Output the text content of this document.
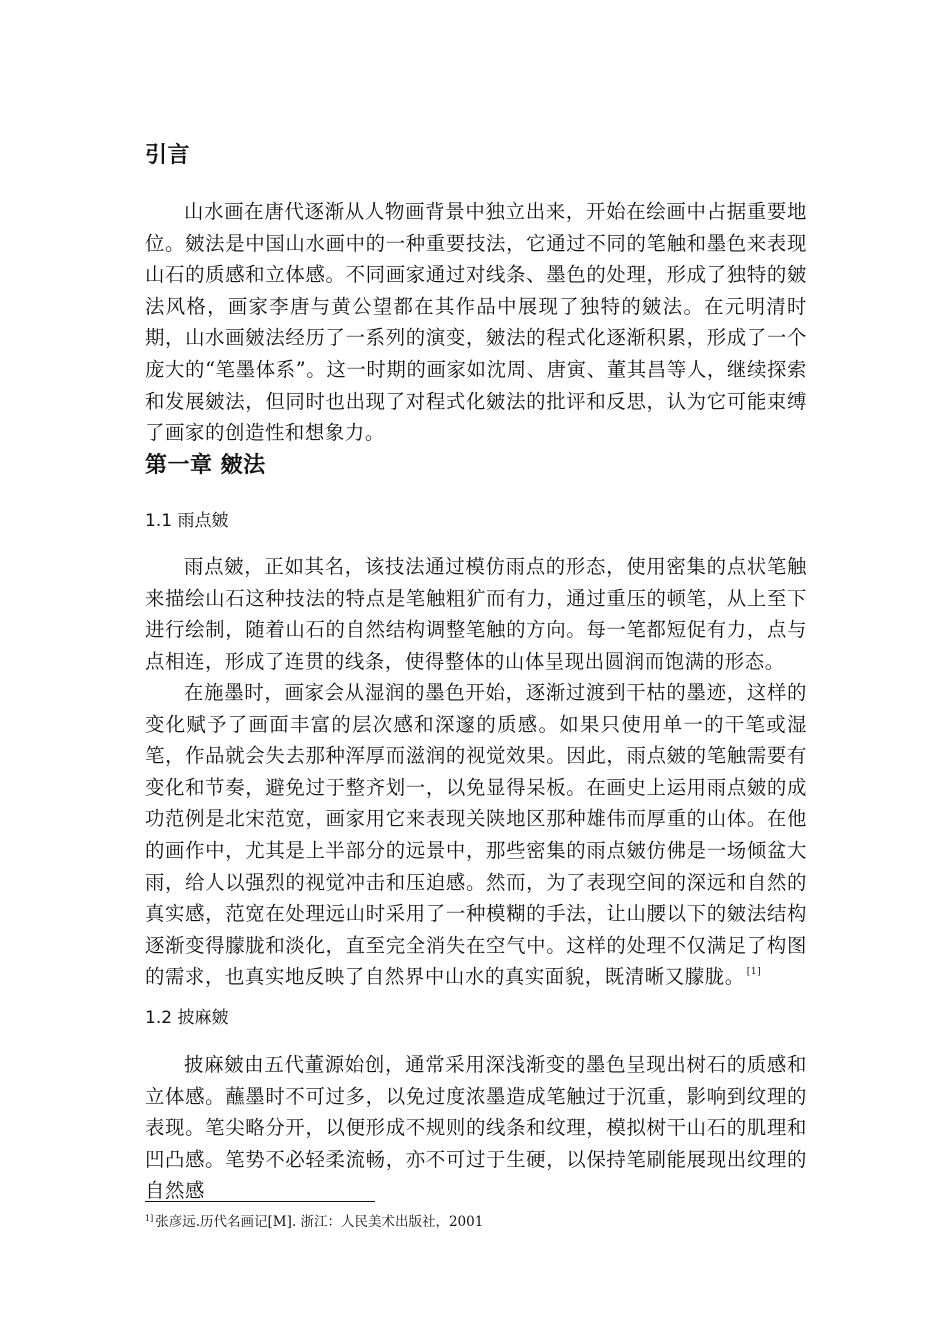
引言
山水画在唐代逐渐从人物画背景中独立出来，开始在绘画中占据重要地位。皴法是中国山水画中的一种重要技法，它通过不同的笔触和墨色来表现山石的质感和立体感。不同画家通过对线条、墨色的处理，形成了独特的皴法风格，画家李唐与黄公望都在其作品中展现了独特的皴法。在元明清时期，山水画皴法经历了一系列的演变，皴法的程式化逐渐积累，形成了一个庞大的“笔墨体系”。这一时期的画家如沈周、唐寅、董其昌等人，继续探索和发展皴法，但同时也出现了对程式化皴法的批评和反思，认为它可能束缚了画家的创造性和想象力。
第一章 皴法
1.1 雨点皴
雨点皴，正如其名，该技法通过模仿雨点的形态，使用密集的点状笔触来描绘山石这种技法的特点是笔触粗犷而有力，通过重压的顿笔，从上至下进行绘制，随着山石的自然结构调整笔触的方向。每一笔都短促有力，点与点相连，形成了连贯的线条，使得整体的山体呈现出圆润而饱满的形态。
在施墨时，画家会从湿润的墨色开始，逐渐过渡到干枯的墨迹，这样的变化赋予了画面丰富的层次感和深邃的质感。如果只使用单一的干笔或湿笔，作品就会失去那种浑厚而滋润的视觉效果。因此，雨点皴的笔触需要有变化和节奏，避免过于整齐划一，以免显得呆板。在画史上运用雨点皴的成功范例是北宋范宽，画家用它来表现关陕地区那种雄伟而厚重的山体。在他的画作中，尤其是上半部分的远景中，那些密集的雨点皴仿佛是一场倾盆大雨，给人以强烈的视觉冲击和压迫感。然而，为了表现空间的深远和自然的真实感，范宽在处理远山时采用了一种模糊的手法，让山腰以下的皴法结构逐渐变得朦胧和淡化，直至完全消失在空气中。这样的处理不仅满足了构图的需求，也真实地反映了自然界中山水的真实面貌，既清晰又朦胧。 [1]
1.2 披麻皴
披麻皴由五代董源始创，通常采用深浅渐变的墨色呈现出树石的质感和立体感。蘸墨时不可过多，以免过度浓墨造成笔触过于沉重，影响到纹理的表现。笔尖略分开，以便形成不规则的线条和纹理，模拟树干山石的肌理和凹凸感。笔势不必轻柔流畅，亦不可过于生硬，以保持笔刷能展现出纹理的自然感
$^{1]}$ 张彦远.历代名画记[M]. 浙江：人民美术出版社，2001
